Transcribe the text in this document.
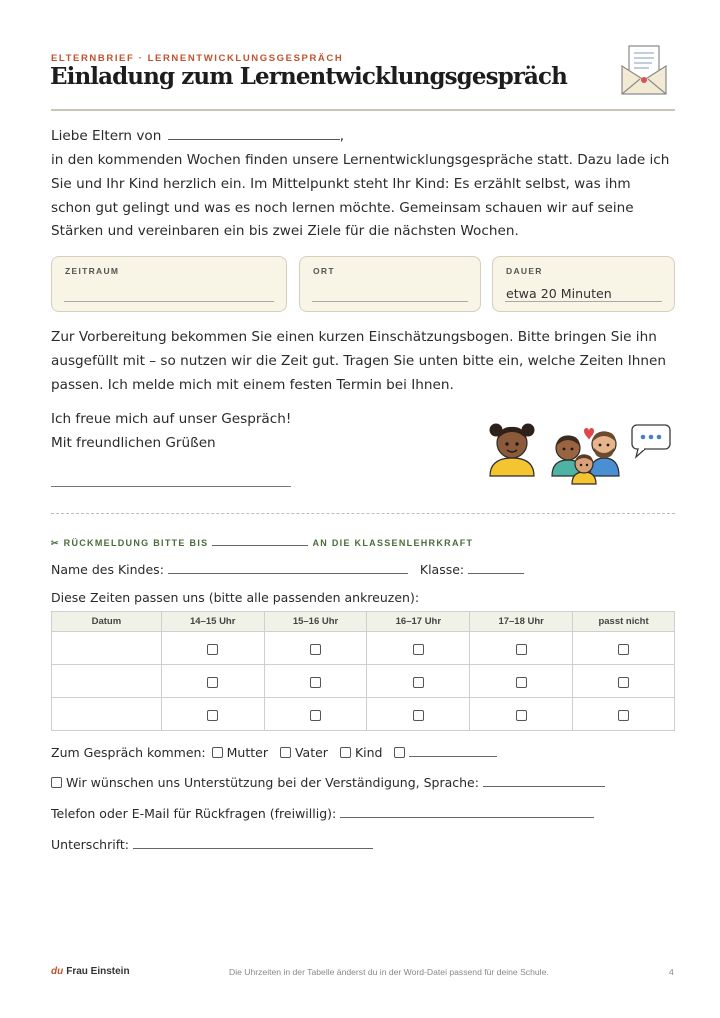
ELTERNBRIEF · LERNENTWICKLUNGSGESPRÄCH
Einladung zum Lernentwicklungsgespräch
Liebe Eltern von	,
in den kommenden Wochen finden unsere Lernentwicklungsgespräche statt. Dazu lade ich Sie und Ihr Kind herzlich ein. Im Mittelpunkt steht Ihr Kind: Es erzählt selbst, was ihm schon gut gelingt und was es noch lernen möchte. Gemeinsam schauen wir auf seine Stärken und vereinbaren ein bis zwei Ziele für die nächsten Wochen.
ZEITRAUM	ORT	DAUER
etwa 20 Minuten
Zur Vorbereitung bekommen Sie einen kurzen Einschätzungsbogen. Bitte bringen Sie ihn ausgefüllt mit – so nutzen wir die Zeit gut. Tragen Sie unten bitte ein, welche Zeiten Ihnen passen. Ich melde mich mit einem festen Termin bei Ihnen.
Ich freue mich auf unser Gespräch!
Mit freundlichen Grüßen
✂ RÜCKMELDUNG BITTE BIS	AN DIE KLASSENLEHRKRAFT
Name des Kindes:	Klasse:
Diese Zeiten passen uns (bitte alle passenden ankreuzen):
Datum	14–15 Uhr	15–16 Uhr	16–17 Uhr	17–18 Uhr	passt nicht

Zum Gespräch kommen: Mutter Vater Kind
Wir wünschen uns Unterstützung bei der Verständigung, Sprache:
Telefon oder E-Mail für Rückfragen (freiwillig):
Unterschrift:
du Frau Einstein	Die Uhrzeiten in der Tabelle änderst du in der Word-Datei passend für deine Schule.	4
